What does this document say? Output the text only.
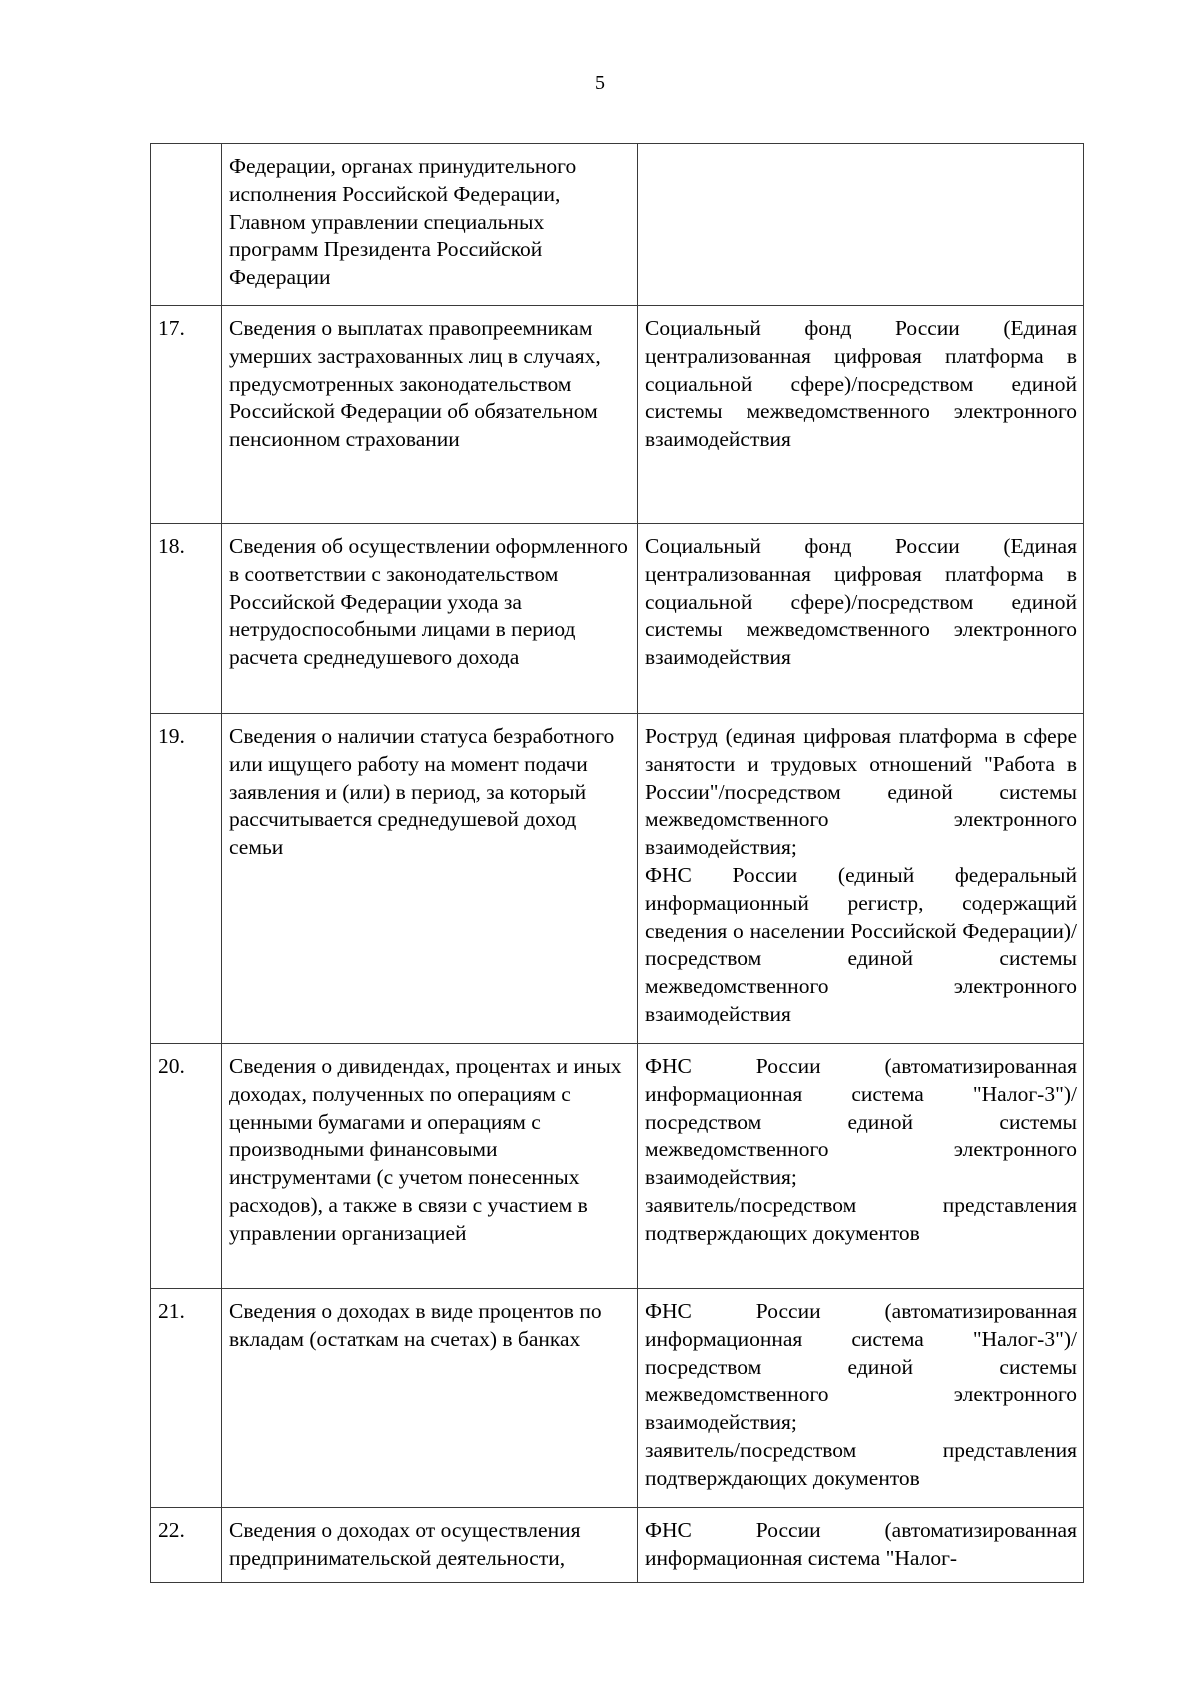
5
	Федерации, органах принудительного исполнения Российской Федерации, Главном управлении специальных программ Президента Российской Федерации	
17.	Сведения о выплатах правопреемникам умерших застрахованных лиц в случаях, предусмотренных законодательством Российской Федерации об обязательном пенсионном страховании	Социальный фонд России (Единая централизованная цифровая платформа в социальной сфере)/посредством единой системы межведомственного электронного взаимодействия

18.	Сведения об осуществлении оформленного в соответствии с законодательством Российской Федерации ухода за нетрудоспособными лицами в период расчета среднедушевого дохода	Социальный фонд России (Единая централизованная цифровая платформа в социальной сфере)/посредством единой системы межведомственного электронного взаимодействия

19.	Сведения о наличии статуса безработного или ищущего работу на момент подачи заявления и (или) в период, за который рассчитывается среднедушевой доход семьи	Роструд (единая цифровая платформа в сфере занятости и трудовых отношений "Работа в России"/посредством единой системы межведомственного электронного взаимодействия;
ФНС России (единый федеральный информационный регистр, содержащий сведения о населении Российской Федерации)/посредством единой системы межведомственного электронного взаимодействия

20.	Сведения о дивидендах, процентах и иных доходах, полученных по операциям с ценными бумагами и операциям с производными финансовыми инструментами (с учетом понесенных расходов), а также в связи с участием в управлении организацией	ФНС России (автоматизированная информационная система "Налог-3")/посредством единой системы межведомственного электронного взаимодействия;
заявитель/посредством представления подтверждающих документов

21.	Сведения о доходах в виде процентов по вкладам (остаткам на счетах) в банках	ФНС России (автоматизированная информационная система "Налог-3")/посредством единой системы межведомственного электронного взаимодействия;
заявитель/посредством представления подтверждающих документов

22.	Сведения о доходах от осуществления предпринимательской деятельности,	ФНС России (автоматизированная информационная система "Налог-
